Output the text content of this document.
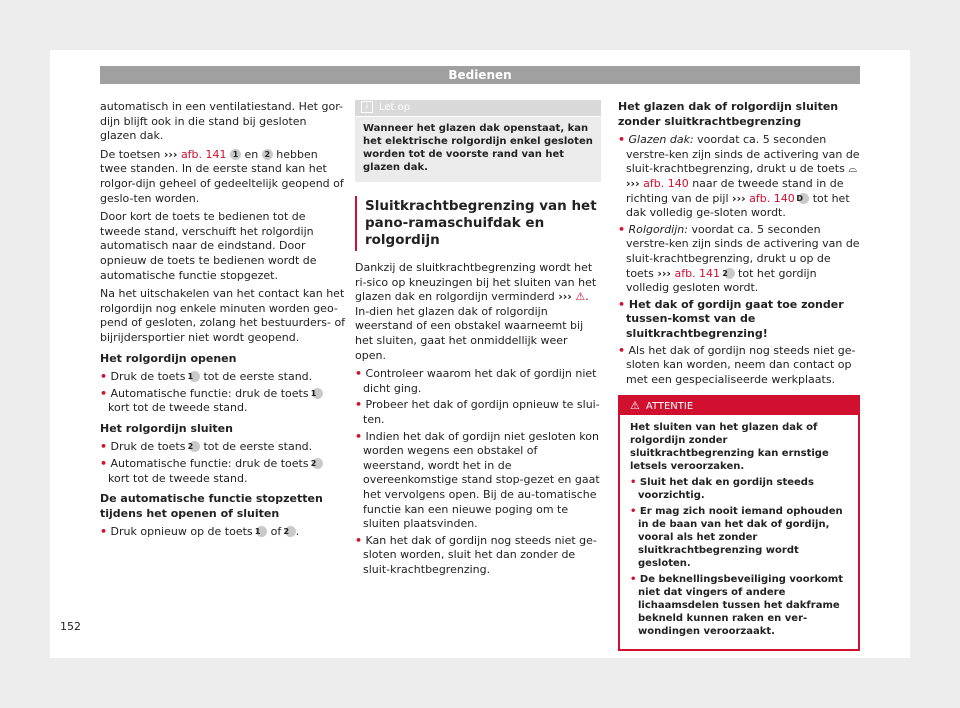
Bedienen

automatisch in een ventilatiestand. Het gor-dijn blijft ook in die stand bij gesloten glazen dak.

De toetsen ››› afb. 141 1 en 2 hebben twee standen. In de eerste stand kan het rolgor-dijn geheel of gedeeltelijk geopend of geslo-ten worden.

Door kort de toets te bedienen tot de tweede stand, verschuift het rolgordijn automatisch naar de eindstand. Door opnieuw de toets te bedienen wordt de automatische functie stopgezet.

Na het uitschakelen van het contact kan het rolgordijn nog enkele minuten worden geo-pend of gesloten, zolang het bestuurders- of bijrijdersportier niet wordt geopend.

Het rolgordijn openen

• Druk de toets 1 tot de eerste stand.

• Automatische functie: druk de toets 1 kort tot de tweede stand.

Het rolgordijn sluiten

• Druk de toets 2 tot de eerste stand.

• Automatische functie: druk de toets 2 kort tot de tweede stand.

De automatische functie stopzetten tijdens het openen of sluiten

• Druk opnieuw op de toets 1 of 2 .

i Let op
Wanneer het glazen dak openstaat, kan het elektrische rolgordijn enkel gesloten worden tot de voorste rand van het glazen dak.
Sluitkrachtbegrenzing van het pano-ramaschuifdak en rolgordijn

Dankzij de sluitkrachtbegrenzing wordt het ri-sico op kneuzingen bij het sluiten van het glazen dak en rolgordijn verminderd ››› ⚠. In-dien het glazen dak of rolgordijn weerstand of een obstakel waarneemt bij het sluiten, gaat het onmiddellijk weer open.

• Controleer waarom het dak of gordijn niet dicht ging.

• Probeer het dak of gordijn opnieuw te slui-ten.

• Indien het dak of gordijn niet gesloten kon worden wegens een obstakel of weerstand, wordt het in de overeenkomstige stand stop-gezet en gaat het vervolgens open. Bij de au-tomatische functie kan een nieuwe poging om te sluiten plaatsvinden.

• Kan het dak of gordijn nog steeds niet ge-sloten worden, sluit het dan zonder de sluit-krachtbegrenzing.

Het glazen dak of rolgordijn sluiten zonder sluitkrachtbegrenzing

• Glazen dak: voordat ca. 5 seconden verstre-ken zijn sinds de activering van de sluit-krachtbegrenzing, drukt u de toets ⌓ ››› afb. 140 naar de tweede stand in de richting van de pijl ››› afb. 140 D tot het dak volledig ge-sloten wordt.

• Rolgordijn: voordat ca. 5 seconden verstre-ken zijn sinds de activering van de sluit-krachtbegrenzing, drukt u op de toets ››› afb. 141 2 tot het gordijn volledig gesloten wordt.

• Het dak of gordijn gaat toe zonder tussen-komst van de sluitkrachtbegrenzing!

• Als het dak of gordijn nog steeds niet ge-sloten kan worden, neem dan contact op met een gespecialiseerde werkplaats.

⚠ ATTENTIE

Het sluiten van het glazen dak of rolgordijn zonder sluitkrachtbegrenzing kan ernstige letsels veroorzaken.

• Sluit het dak en gordijn steeds voorzichtig.

• Er mag zich nooit iemand ophouden in de baan van het dak of gordijn, vooral als het zonder sluitkrachtbegrenzing wordt gesloten.

• De beknellingsbeveiliging voorkomt niet dat vingers of andere lichaamsdelen tussen het dakframe bekneld kunnen raken en ver-wondingen veroorzaakt.

152
